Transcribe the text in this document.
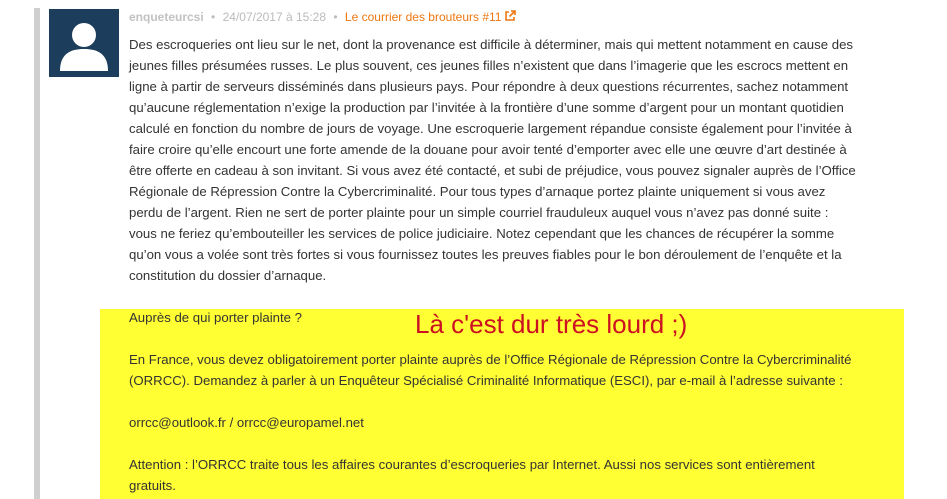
enqueteurcsi • 24/07/2017 à 15:28 • Le courrier des brouteurs #11

Des escroqueries ont lieu sur le net, dont la provenance est difficile à déterminer, mais qui mettent notamment en cause des

jeunes filles présumées russes. Le plus souvent, ces jeunes filles n’existent que dans l’imagerie que les escrocs mettent en

ligne à partir de serveurs disséminés dans plusieurs pays. Pour répondre à deux questions récurrentes, sachez notamment

qu’aucune réglementation n’exige la production par l’invitée à la frontière d’une somme d’argent pour un montant quotidien

calculé en fonction du nombre de jours de voyage. Une escroquerie largement répandue consiste également pour l’invitée à

faire croire qu’elle encourt une forte amende de la douane pour avoir tenté d’emporter avec elle une œuvre d’art destinée à

être offerte en cadeau à son invitant. Si vous avez été contacté, et subi de préjudice, vous pouvez signaler auprès de l’Office

Régionale de Répression Contre la Cybercriminalité. Pour tous types d’arnaque portez plainte uniquement si vous avez

perdu de l’argent. Rien ne sert de porter plainte pour un simple courriel frauduleux auquel vous n’avez pas donné suite :

vous ne feriez qu’embouteiller les services de police judiciaire. Notez cependant que les chances de récupérer la somme

qu’on vous a volée sont très fortes si vous fournissez toutes les preuves fiables pour le bon déroulement de l’enquête et la

constitution du dossier d’arnaque.

Auprès de qui porter plainte ?

En France, vous devez obligatoirement porter plainte auprès de l’Office Régionale de Répression Contre la Cybercriminalité

(ORRCC). Demandez à parler à un Enquêteur Spécialisé Criminalité Informatique (ESCI), par e-mail à l’adresse suivante :

orrcc@outlook.fr / orrcc@europamel.net

Attention : l’ORRCC traite tous les affaires courantes d’escroqueries par Internet. Aussi nos services sont entièrement

gratuits.

Là c'est dur très lourd ;)
